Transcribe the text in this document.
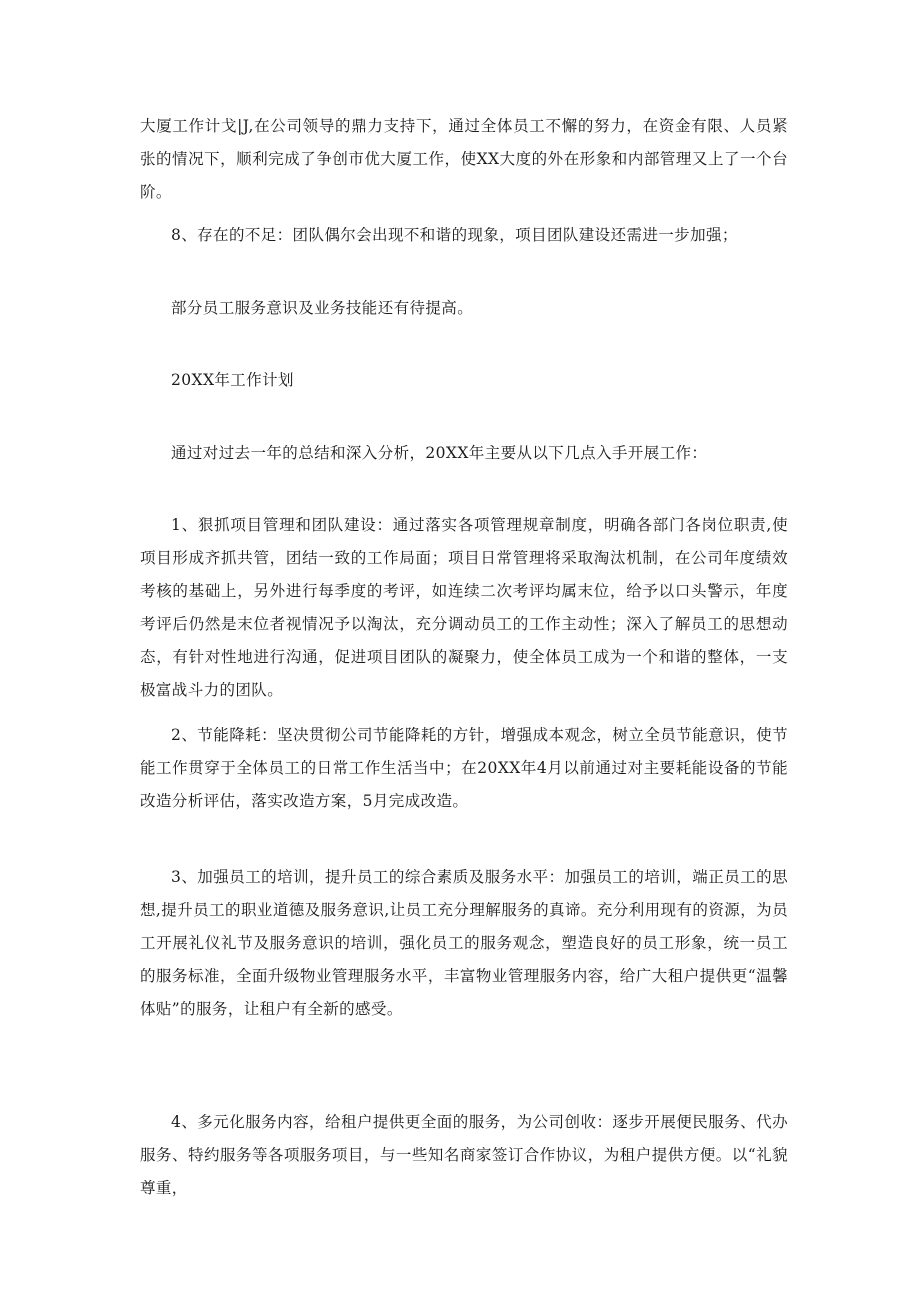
大厦工作计戈|J,在公司领导的鼎力支持下，通过全体员工不懈的努力，在资金有限、人员紧张的情况下，顺利完成了争创市优大厦工作，使XX大度的外在形象和内部管理又上了一个台阶。

8、存在的不足：团队偶尔会出现不和谐的现象，项目团队建设还需进一步加强；

部分员工服务意识及业务技能还有待提高。

20XX年工作计划

通过对过去一年的总结和深入分析，20XX年主要从以下几点入手开展工作：

1、狠抓项目管理和团队建设：通过落实各项管理规章制度，明确各部门各岗位职责,使项目形成齐抓共管，团结一致的工作局面；项目日常管理将采取淘汰机制，在公司年度绩效考核的基础上，另外进行每季度的考评，如连续二次考评均属末位，给予以口头警示，年度考评后仍然是末位者视情况予以淘汰，充分调动员工的工作主动性；深入了解员工的思想动态，有针对性地进行沟通，促进项目团队的凝聚力，使全体员工成为一个和谐的整体，一支极富战斗力的团队。

2、节能降耗：坚决贯彻公司节能降耗的方针，增强成本观念，树立全员节能意识，使节能工作贯穿于全体员工的日常工作生活当中；在20XX年4月以前通过对主要耗能设备的节能改造分析评估，落实改造方案，5月完成改造。

3、加强员工的培训，提升员工的综合素质及服务水平：加强员工的培训，端正员工的思想,提升员工的职业道德及服务意识,让员工充分理解服务的真谛。充分利用现有的资源，为员工开展礼仪礼节及服务意识的培训，强化员工的服务观念，塑造良好的员工形象，统一员工的服务标准，全面升级物业管理服务水平，丰富物业管理服务内容，给广大租户提供更“温馨体贴”的服务，让租户有全新的感受。

4、多元化服务内容，给租户提供更全面的服务，为公司创收：逐步开展便民服务、代办服务、特约服务等各项服务项目，与一些知名商家签订合作协议，为租户提供方便。以“礼貌尊重，
